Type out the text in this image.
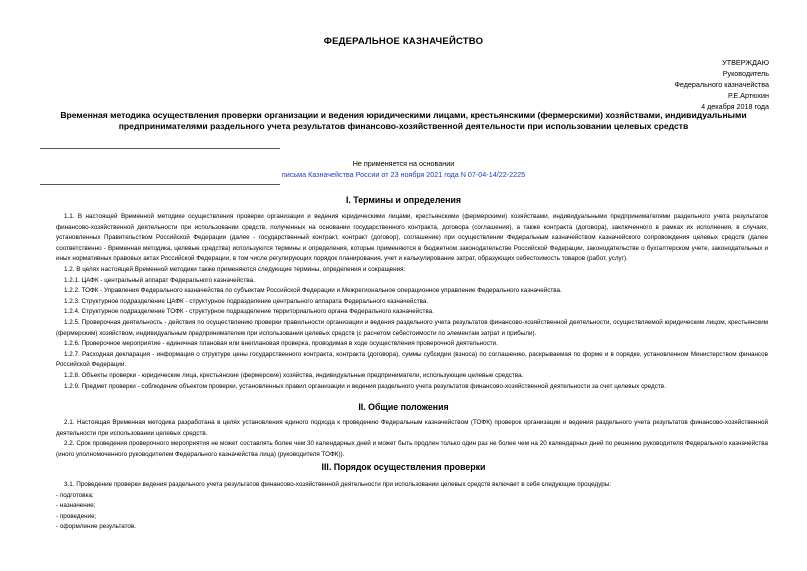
ФЕДЕРАЛЬНОЕ КАЗНАЧЕЙСТВО
УТВЕРЖДАЮ
Руководитель
Федерального казначейства
Р.Е.Артюхин
4 декабря 2018 года
Временная методика осуществления проверки организации и ведения юридическими лицами, крестьянскими (фермерскими) хозяйствами, индивидуальными предпринимателями раздельного учета результатов финансово-хозяйственной деятельности при использовании целевых средств
Не применяется на основании
письма Казначейства России от 23 ноября 2021 года N 07-04-14/22-2225
I. Термины и определения

1.1. В настоящей Временной методике осуществления проверки организации и ведения юридическими лицами, крестьянскими (фермерскими) хозяйствами, индивидуальными предпринимателями раздельного учета результатов финансово-хозяйственной деятельности при использовании средств, полученных на основании государственного контракта, договора (соглашения), а также контракта (договора), заключенного в рамках их исполнения, в случаях, установленных Правительством Российской Федерации (далее - государственный контракт, контракт (договор), соглашение) при осуществлении Федеральным казначейством казначейского сопровождения целевых средств (далее соответственно - Временная методика, целевые средства) используются термины и определения, которые применяются в бюджетном законодательстве Российской Федерации, законодательстве о бухгалтерском учете, законодательных и иных нормативных правовых актах Российской Федерации, в том числе регулирующих порядок планирования, учет и калькулирование затрат, образующих себестоимость товаров (работ, услуг).

1.2. В целях настоящей Временной методики также применяются следующие термины, определения и сокращения:

1.2.1. ЦАФК - центральный аппарат Федерального казначейства.

1.2.2. ТОФК - Управления Федерального казначейства по субъектам Российской Федерации и Межрегиональное операционное управление Федерального казначейства.

1.2.3. Структурное подразделение ЦАФК - структурное подразделение центрального аппарата Федерального казначейства.

1.2.4. Структурное подразделение ТОФК - структурное подразделение территориального органа Федерального казначейства.

1.2.5. Проверочная деятельность - действия по осуществлению проверки правильности организации и ведения раздельного учета результатов финансово-хозяйственной деятельности, осуществляемой юридическим лицом, крестьянским (фермерским) хозяйством, индивидуальным предпринимателем при использовании целевых средств (с расчетом себестоимости по элементам затрат и прибыли).

1.2.6. Проверочное мероприятие - единичная плановая или внеплановая проверка, проводимая в ходе осуществления проверочной деятельности.

1.2.7. Расходная декларация - информация о структуре цены государственного контракта, контракта (договора), суммы субсидии (взноса) по соглашению, раскрываемая по форме и в порядке, установленном Министерством финансов Российской Федерации.

1.2.8. Объекты проверки - юридические лица, крестьянские (фермерские) хозяйства, индивидуальные предприниматели, использующие целевые средства.

1.2.9. Предмет проверки - соблюдение объектом проверки, установленных правил организации и ведения раздельного учета результатов финансово-хозяйственной деятельности за счет целевых средств.

II. Общие положения

2.1. Настоящая Временная методика разработана в целях установления единого подхода к проведению Федеральным казначейством (ТОФК) проверок организации и ведения раздельного учета результатов финансово-хозяйственной деятельности при использовании целевых средств.

2.2. Срок проведения проверочного мероприятия не может составлять более чем 30 календарных дней и может быть продлен только один раз не более чем на 20 календарных дней по решению руководителя Федерального казначейства (иного уполномоченного руководителем Федерального казначейства лица) (руководителя ТОФК)).

III. Порядок осуществления проверки

3.1. Проведение проверки ведения раздельного учета результатов финансово-хозяйственной деятельности при использовании целевых средств включает в себя следующие процедуры:

- подготовка;
- назначение;
- проведение;
- оформление результатов.
